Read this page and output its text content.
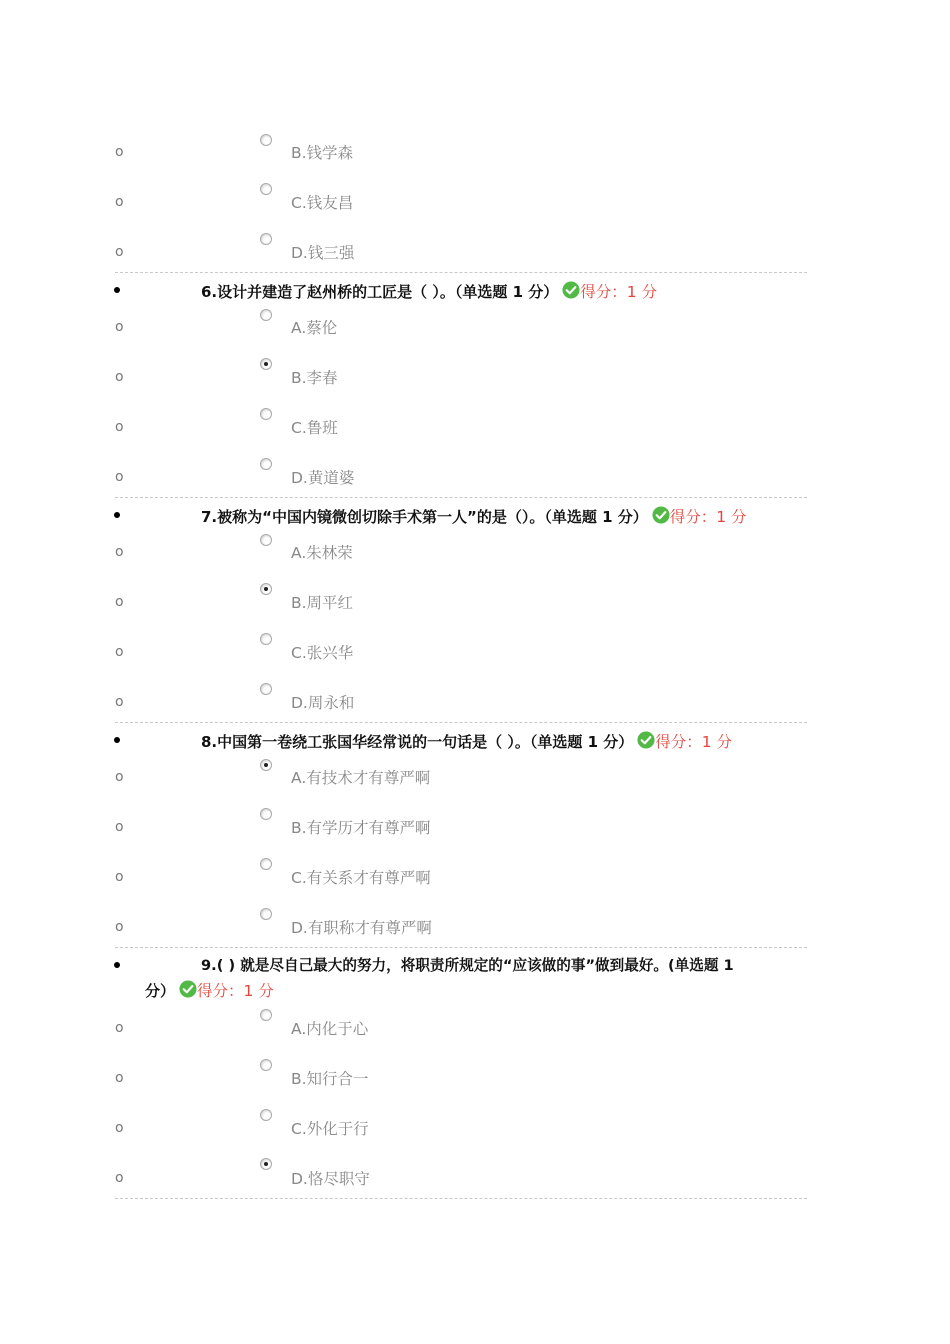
o	B.钱学森
o	C.钱友昌
o	D.钱三强
6.设计并建造了赵州桥的工匠是（ ）。（单选题 1 分） 得分：1 分
o	A.蔡伦
o	B.李春
o	C.鲁班
o	D.黄道婆
7.被称为“中国内镜微创切除手术第一人”的是（）。（单选题 1 分） 得分：1 分
o	A.朱林荣
o	B.周平红
o	C.张兴华
o	D.周永和
8.中国第一卷绕工张国华经常说的一句话是（ ）。（单选题 1 分） 得分：1 分
o	A.有技术才有尊严啊
o	B.有学历才有尊严啊
o	C.有关系才有尊严啊
o	D.有职称才有尊严啊
9.( ) 就是尽自己最大的努力，将职责所规定的“应该做的事”做到最好。(单选题 1
分） 得分：1 分
o	A.内化于心
o	B.知行合一
o	C.外化于行
o	D.恪尽职守
